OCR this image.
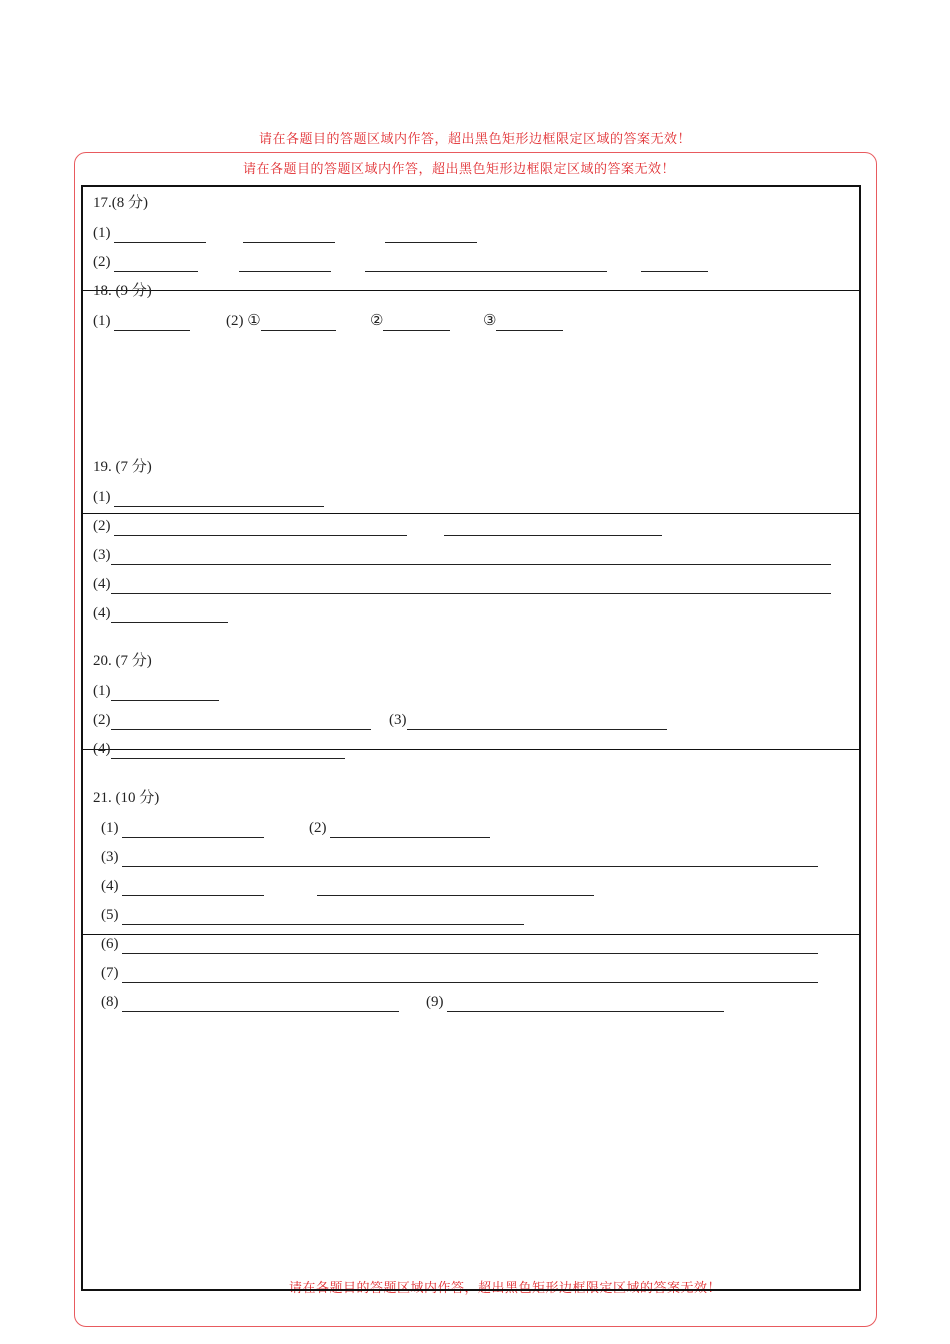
请在各题目的答题区域内作答，超出黑色矩形边框限定区域的答案无效！
请在各题目的答题区域内作答，超出黑色矩形边框限定区域的答案无效！
请在各题目的答题区域内作答，超出黑色矩形边框限定区域的答案无效！
17.(8 分)
(1)
(2)
18. (9 分)
(1)	(2) ①	②	③
19. (7 分)
(1)
(2)
(3)
(4)
(4)
20. (7 分)
(1)
(2)	(3)
(4)
21. (10 分)
(1)	(2)
(3)
(4)
(5)
(6)
(7)
(8)	(9)
